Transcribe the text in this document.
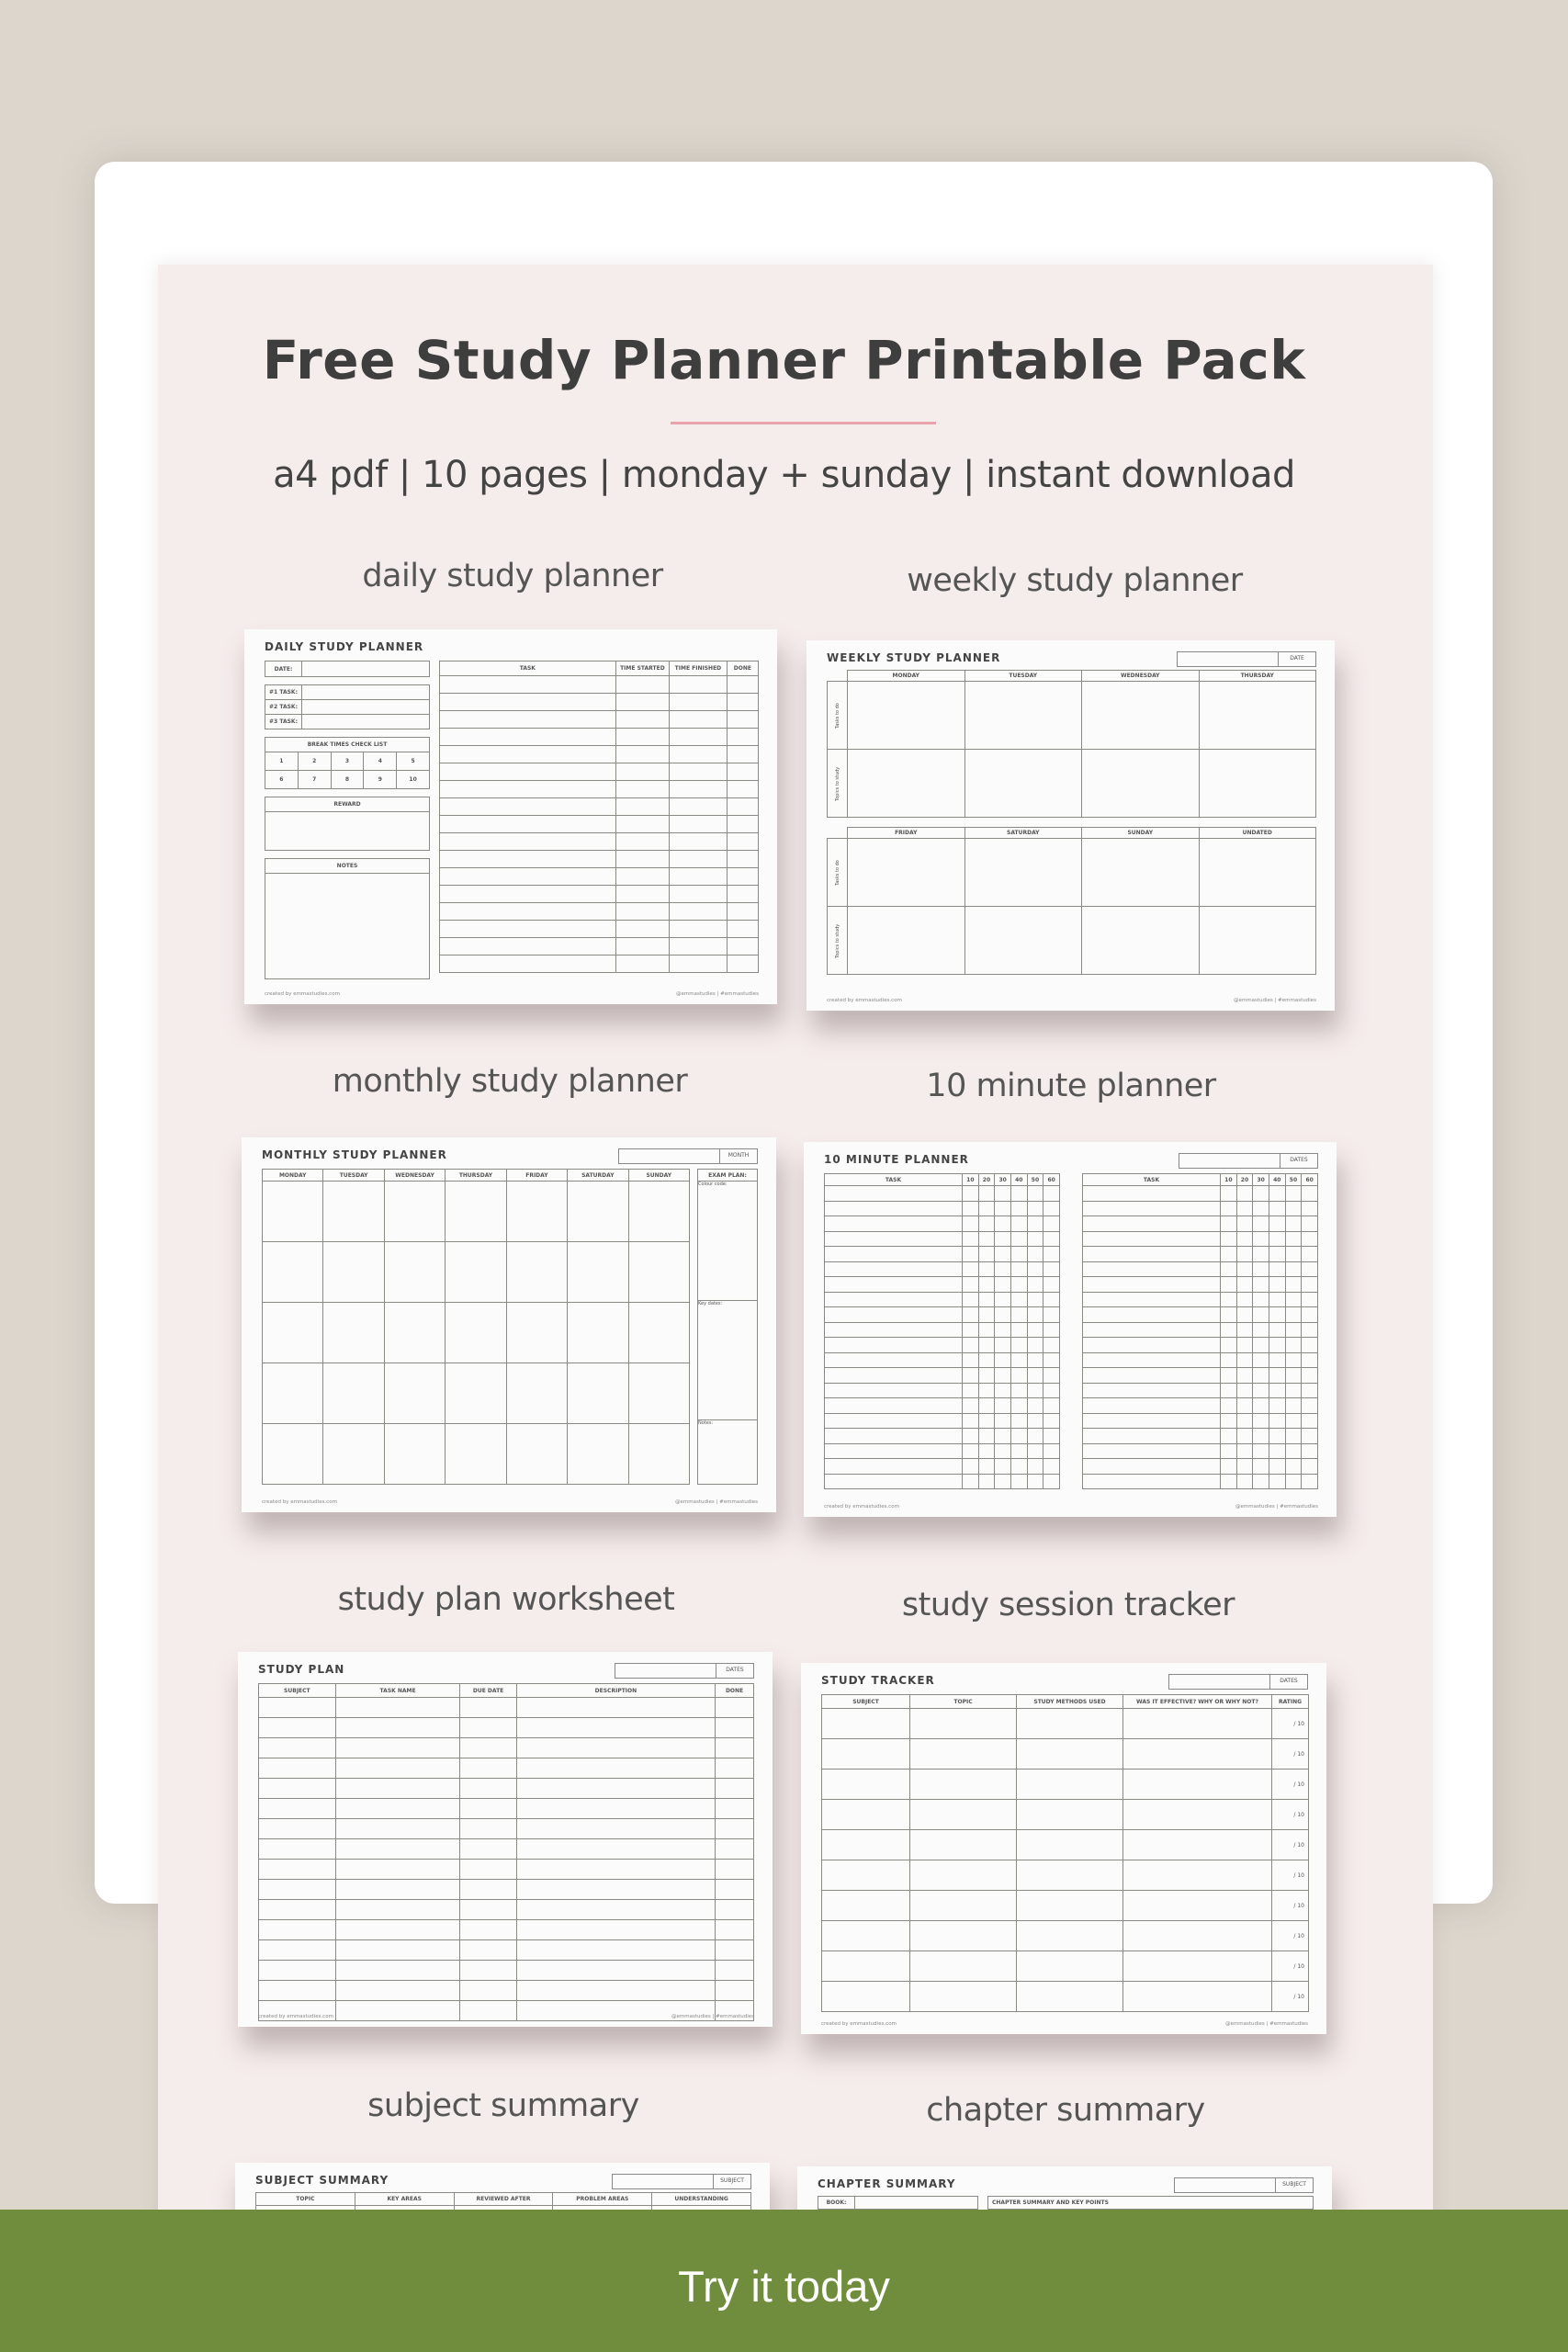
Free Study Planner Printable Pack
a4 pdf | 10 pages | monday + sunday | instant download
daily study planner	weekly study planner
monthly study planner	10 minute planner
study plan worksheet	study session tracker
subject summary	chapter summary
DAILY STUDY PLANNER
DATE:	
#1 TASK:	
#2 TASK:	
#3 TASK:	
BREAK TIMES CHECK LIST				
1	2	3	4	5
6	7	8	9	10
REWARD

NOTES

TASK	TIME STARTED	TIME FINISHED	DONE

created by emmastudies.com	@emmastudies | #emmastudies
WEEKLY STUDY PLANNER	DATE
	MONDAY	TUESDAY	WEDNESDAY	THURSDAY
Tasks to do				
Topics to study				
	FRIDAY	SATURDAY	SUNDAY	UNDATED
Tasks to do				
Topics to study				
created by emmastudies.com	@emmastudies | #emmastudies
MONTHLY STUDY PLANNER	MONTH
MONDAY	TUESDAY	WEDNESDAY	THURSDAY	FRIDAY	SATURDAY	SUNDAY

							EXAM PLAN:
Colour code:
Key dates:
Notes:
created by emmastudies.com	@emmastudies | #emmastudies
10 MINUTE PLANNER	DATES
TASK	10	20	30	40	50	60

							TASK	10	20	30	40	50	60

created by emmastudies.com	@emmastudies | #emmastudies
STUDY PLAN	DATES
SUBJECT	TASK NAME	DUE DATE	DESCRIPTION	DONE

created by emmastudies.com	@emmastudies | #emmastudies
STUDY TRACKER	DATES
SUBJECT	TOPIC	STUDY METHODS USED	WAS IT EFFECTIVE? WHY OR WHY NOT?	RATING
				/ 10
				/ 10
				/ 10
				/ 10
				/ 10
				/ 10
				/ 10
				/ 10
				/ 10
				/ 10
created by emmastudies.com	@emmastudies | #emmastudies
SUBJECT SUMMARY	SUBJECT
TOPIC	KEY AREAS	REVIEWED AFTER	PROBLEM AREAS	UNDERSTANDING

CHAPTER SUMMARY	SUBJECT
BOOK:	
		CHAPTER SUMMARY AND KEY POINTS

Try it today
